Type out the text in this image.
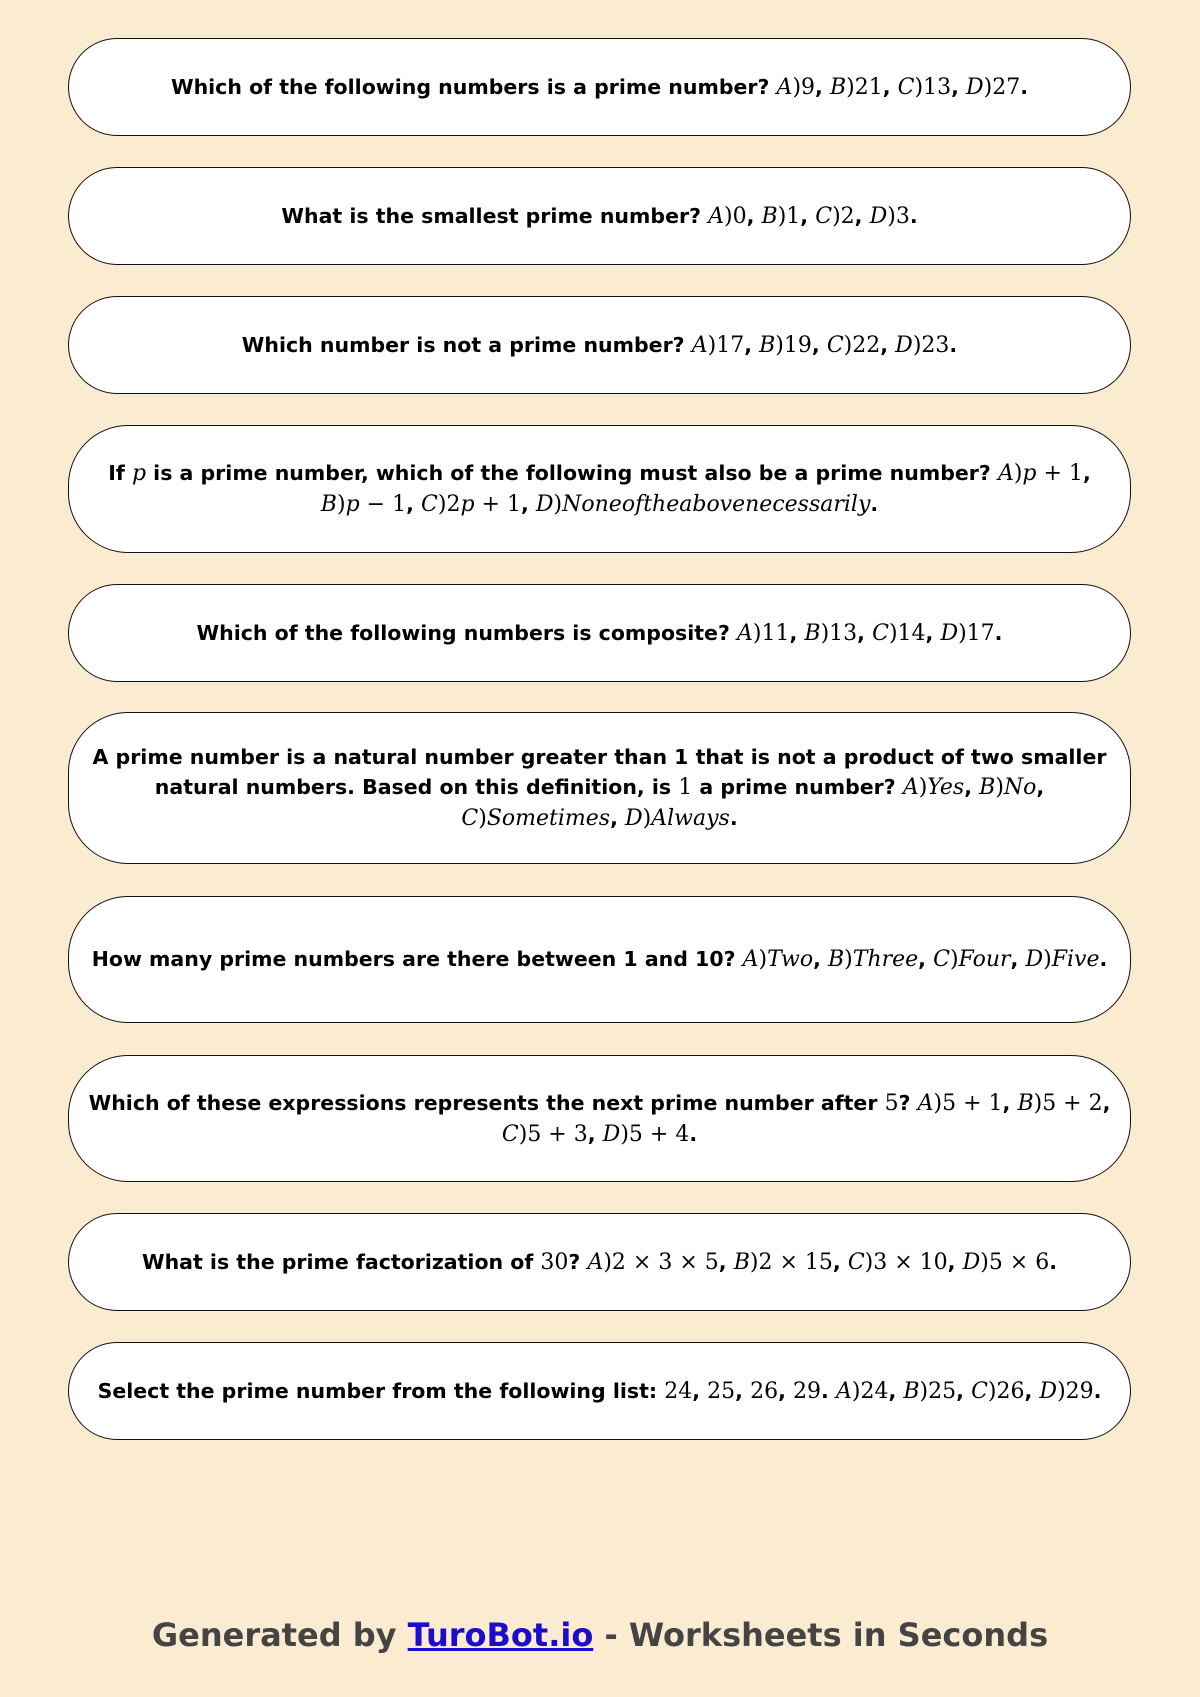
Which of the following numbers is a prime number? A)9, B)21, C)13, D)27.
What is the smallest prime number? A)0, B)1, C)2, D)3.
Which number is not a prime number? A)17, B)19, C)22, D)23.
If p is a prime number, which of the following must also be a prime number? A)p + 1, B)p − 1, C)2p + 1, D)Noneoftheabovenecessarily.
Which of the following numbers is composite? A)11, B)13, C)14, D)17.
A prime number is a natural number greater than 1 that is not a product of two smaller natural numbers. Based on this definition, is 1 a prime number? A)Yes, B)No, C)Sometimes, D)Always.
How many prime numbers are there between 1 and 10? A)Two, B)Three, C)Four, D)Five.
Which of these expressions represents the next prime number after 5? A)5 + 1, B)5 + 2, C)5 + 3, D)5 + 4.
What is the prime factorization of 30? A)2 × 3 × 5, B)2 × 15, C)3 × 10, D)5 × 6.
Select the prime number from the following list: 24, 25, 26, 29. A)24, B)25, C)26, D)29.
Generated by TuroBot.io - Worksheets in Seconds
